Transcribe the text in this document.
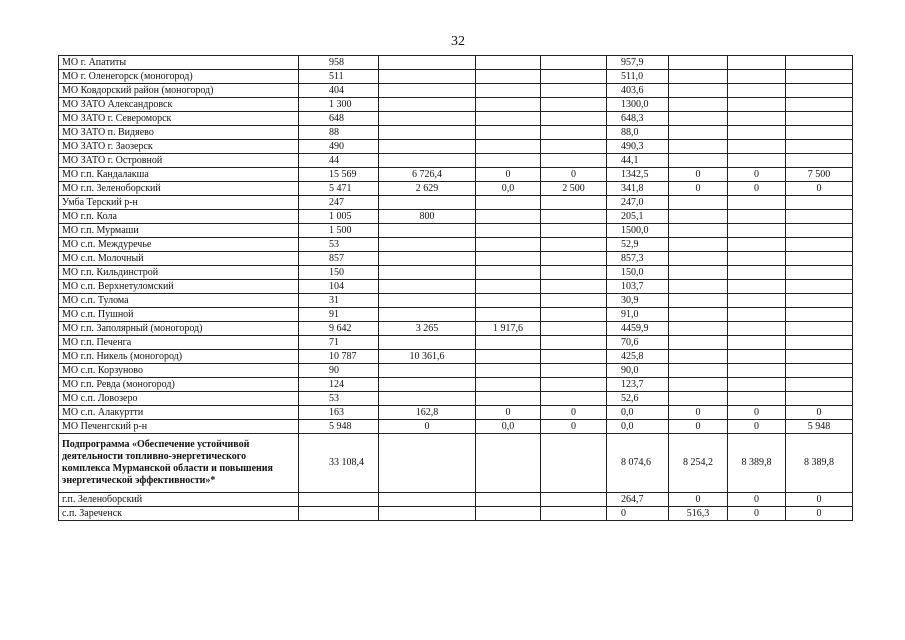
32
МО г. Апатиты	958				957,9			
МО г. Оленегорск (моногород)	511				511,0			
МО Ковдорский район (моногород)	404				403,6			
МО ЗАТО Александровск	1 300				1300,0			
МО ЗАТО г. Североморск	648				648,3			
МО ЗАТО п. Видяево	88				88,0			
МО ЗАТО г. Заозерск	490				490,3			
МО ЗАТО г. Островной	44				44,1			
МО г.п. Кандалакша	15 569	6 726,4	0	0	1342,5	0	0	7 500
МО г.п. Зеленоборский	5 471	2 629	0,0	2 500	341,8	0	0	0
Умба Терский р-н	247				247,0			
МО г.п. Кола	1 005	800			205,1			
МО г.п. Мурмаши	1 500				1500,0			
МО с.п. Междуречье	53				52,9			
МО с.п. Молочный	857				857,3			
МО г.п. Кильдинстрой	150				150,0			
МО с.п. Верхнетуломский	104				103,7			
МО с.п. Тулома	31				30,9			
МО с.п. Пушной	91				91,0			
МО г.п. Заполярный (моногород)	9 642	3 265	1 917,6		4459,9			
МО г.п. Печенга	71				70,6			
МО г.п. Никель (моногород)	10 787	10 361,6			425,8			
МО с.п. Корзуново	90				90,0			
МО г.п. Ревда (моногород)	124				123,7			
МО с.п. Ловозеро	53				52,6			
МО с.п. Алакуртти	163	162,8	0	0	0,0	0	0	0
МО Печенгский р-н	5 948	0	0,0	0	0,0	0	0	5 948
Подпрограмма «Обеспечение устойчивой деятельности топливно-энергетического комплекса Мурманской области и повышения энергетической эффективности»*	33 108,4				8 074,6	8 254,2	8 389,8	8 389,8
г.п. Зеленоборский					264,7	0	0	0
с.п. Зареченск					0	516,3	0	0
